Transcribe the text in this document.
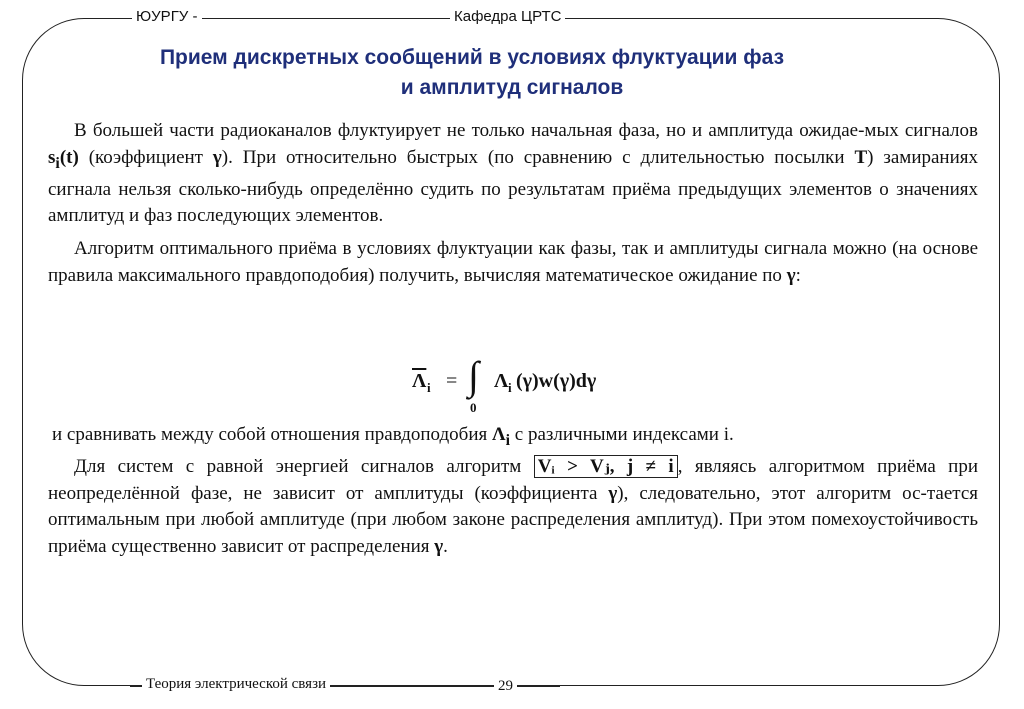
ЮУРГУ -	Кафедра ЦРТС
Прием дискретных сообщений в условиях флуктуации фаз
и амплитуд сигналов
В большей части радиоканалов флуктуирует не только начальная фаза, но и амплитуда ожидае-мых сигналов $s_i(t)$ (коэффициент γ). При относительно быстрых (по сравнению с длительностью посылки T) замираниях сигнала нельзя сколько-нибудь определённо судить по результатам приёма предыдущих элементов о значениях амплитуд и фаз последующих элементов.
Алгоритм оптимального приёма в условиях флуктуации как фазы, так и амплитуды сигнала можно (на основе правила максимального правдоподобия) получить, вычисляя математическое ожидание по γ:
$\overline{\Lambda}$ i = ∫
0
Λ i (γ)w(γ)dγ
и сравнивать между собой отношения правдоподобия $\Lambda_i$ с различными индексами i.
Для систем с равной энергией сигналов алгоритм Vᵢ > Vⱼ, j ≠ i , являясь алгоритмом приёма при неопределённой фазе, не зависит от амплитуды (коэффициента γ), следовательно, этот алгоритм ос-тается оптимальным при любой амплитуде (при любом законе распределения амплитуд). При этом помехоустойчивость приёма существенно зависит от распределения γ.
Теория электрической связи	29
